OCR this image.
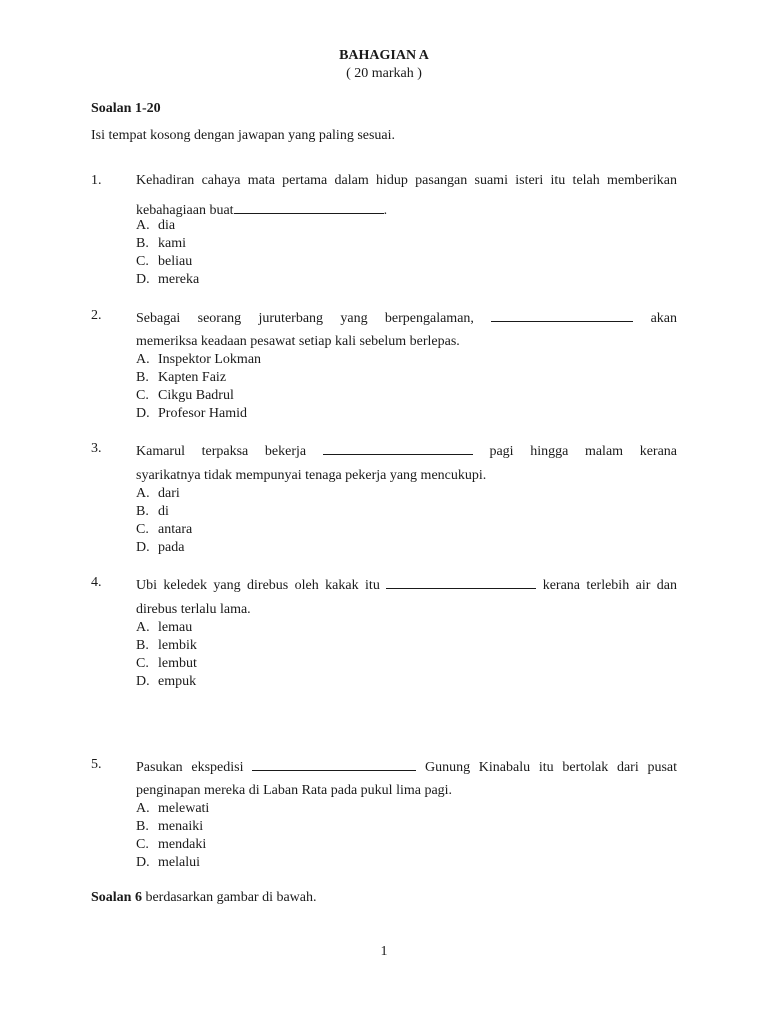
BAHAGIAN A
( 20 markah )
Soalan 1-20
Isi tempat kosong dengan jawapan yang paling sesuai.
1. Kehadiran cahaya mata pertama dalam hidup pasangan suami isteri itu telah memberikan
kebahagiaan buat	.
A. dia
B. kami
C. beliau
D. mereka
2. Sebagai seorang juruterbang yang berpengalaman,	akan
memeriksa keadaan pesawat setiap kali sebelum berlepas.
A. Inspektor Lokman
B. Kapten Faiz
C. Cikgu Badrul
D. Profesor Hamid
3. Kamarul terpaksa bekerja	pagi hingga malam kerana
syarikatnya tidak mempunyai tenaga pekerja yang mencukupi.
A. dari
B. di
C. antara
D. pada
4. Ubi keledek yang direbus oleh kakak itu	kerana terlebih air dan
direbus terlalu lama.
A. lemau
B. lembik
C. lembut
D. empuk
5. Pasukan ekspedisi	Gunung Kinabalu itu bertolak dari pusat
penginapan mereka di Laban Rata pada pukul lima pagi.
A. melewati
B. menaiki
C. mendaki
D. melalui
Soalan 6 berdasarkan gambar di bawah.
1
